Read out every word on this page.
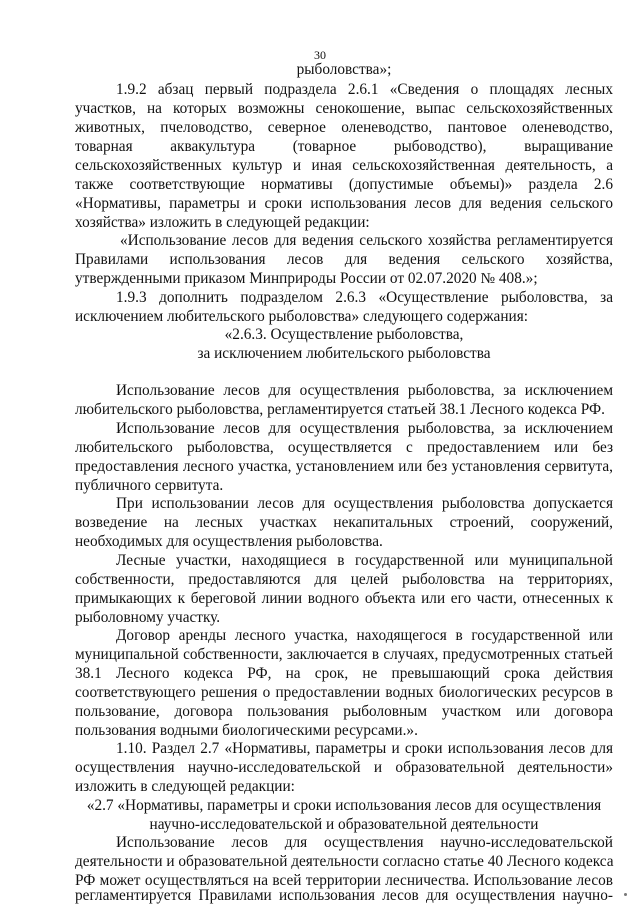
30
рыболовства»;
1.9.2 абзац первый подраздела 2.6.1 «Сведения о площадях лесных
участков, на которых возможны сенокошение, выпас сельскохозяйственных
животных, пчеловодство, северное оленеводство, пантовое оленеводство,
товарная аквакультура (товарное рыбоводство), выращивание
сельскохозяйственных культур и иная сельскохозяйственная деятельность, а
также соответствующие нормативы (допустимые объемы)» раздела 2.6
«Нормативы, параметры и сроки использования лесов для ведения сельского
хозяйства» изложить в следующей редакции:
«Использование лесов для ведения сельского хозяйства регламентируется
Правилами использования лесов для ведения сельского хозяйства,
утвержденными приказом Минприроды России от 02.07.2020 № 408.»;
1.9.3 дополнить подразделом 2.6.3 «Осуществление рыболовства, за
исключением любительского рыболовства» следующего содержания:
«2.6.3. Осуществление рыболовства,
за исключением любительского рыболовства
Использование лесов для осуществления рыболовства, за исключением
любительского рыболовства, регламентируется статьей 38.1 Лесного кодекса РФ.
Использование лесов для осуществления рыболовства, за исключением
любительского рыболовства, осуществляется с предоставлением или без
предоставления лесного участка, установлением или без установления сервитута,
публичного сервитута.
При использовании лесов для осуществления рыболовства допускается
возведение на лесных участках некапитальных строений, сооружений,
необходимых для осуществления рыболовства.
Лесные участки, находящиеся в государственной или муниципальной
собственности, предоставляются для целей рыболовства на территориях,
примыкающих к береговой линии водного объекта или его части, отнесенных к
рыболовному участку.
Договор аренды лесного участка, находящегося в государственной или
муниципальной собственности, заключается в случаях, предусмотренных статьей
38.1 Лесного кодекса РФ, на срок, не превышающий срока действия
соответствующего решения о предоставлении водных биологических ресурсов в
пользование, договора пользования рыболовным участком или договора
пользования водными биологическими ресурсами.».
1.10. Раздел 2.7 «Нормативы, параметры и сроки использования лесов для
осуществления научно-исследовательской и образовательной деятельности»
изложить в следующей редакции:
«2.7 «Нормативы, параметры и сроки использования лесов для осуществления
научно-исследовательской и образовательной деятельности
Использование лесов для осуществления научно-исследовательской
деятельности и образовательной деятельности согласно статье 40 Лесного кодекса
РФ может осуществляться на всей территории лесничества. Использование лесов
регламентируется Правилами использования лесов для осуществления научно-
